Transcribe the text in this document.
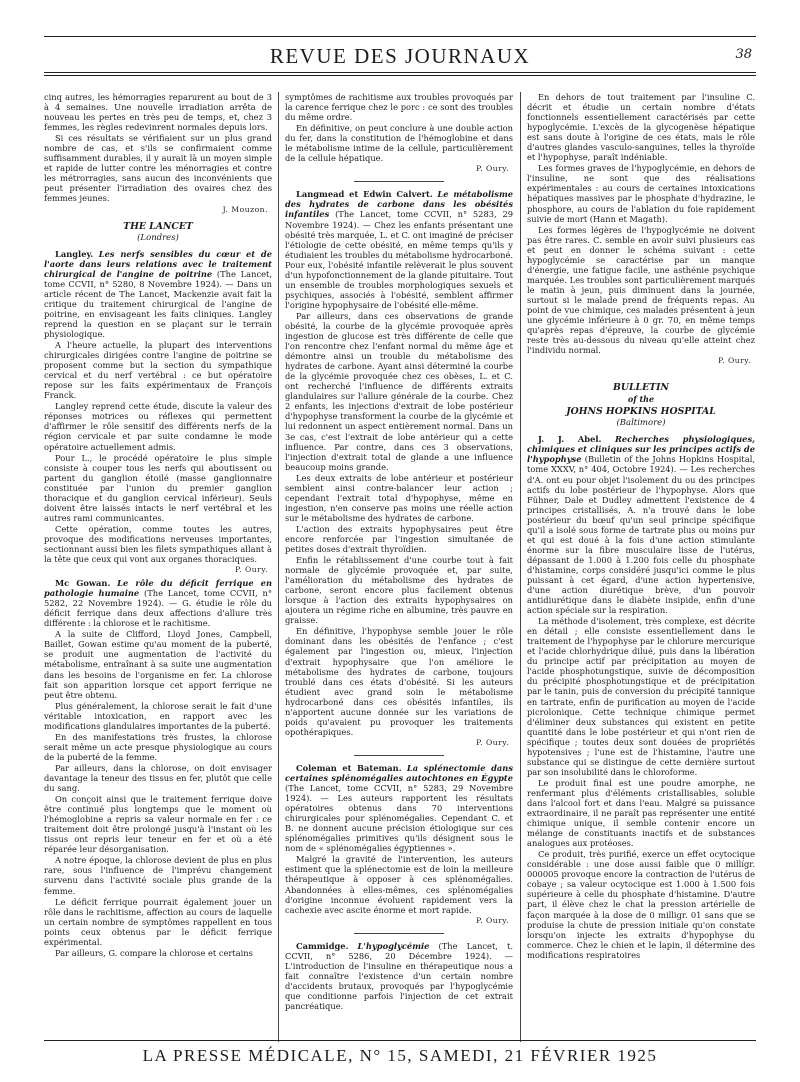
REVUE DES JOURNAUX	38

cinq autres, les hémorragies reparurent au bout de 3 à 4 semaines. Une nouvelle irradiation arrêta de nouveau les pertes en très peu de temps, et, chez 3 femmes, les règles redevinrent normales depuis lors.

Si ces résultats se vérifiaient sur un plus grand nombre de cas, et s'ils se confirmaient comme suffisamment durables, il y aurait là un moyen simple et rapide de lutter contre les ménorragies et contre les métrorragies, sans aucun des inconvénients que peut présenter l'irradiation des ovaires chez des femmes jeunes.

J. Mouzon.
THE LANCET
(Londres)

Langley. Les nerfs sensibles du cœur et de l'aorte dans leurs relations avec le traitement chirurgical de l'angine de poitrine (The Lancet, tome CCVII, n° 5280, 8 Novembre 1924). — Dans un article récent de The Lancet, Mackenzie avait fait la critique du traitement chirurgical de l'angine de poitrine, en envisageant les faits cliniques. Langley reprend la question en se plaçant sur le terrain physiologique.

A l'heure actuelle, la plupart des interventions chirurgicales dirigées contre l'angine de poitrine se proposent comme but la section du sympathique cervical et du nerf vertébral : ce but opératoire repose sur les faits expérimentaux de François Franck.

Langley reprend cette étude, discute la valeur des réponses motrices ou réflexes qui permettent d'affirmer le rôle sensitif des différents nerfs de la région cervicale et par suite condamne le mode opératoire actuellement admis.

Pour L., le procédé opératoire le plus simple consiste à couper tous les nerfs qui aboutissent ou partent du ganglion étoilé (masse ganglionnaire constituée par l'union du premier ganglion thoracique et du ganglion cervical inférieur). Seuls doivent être laissés intacts le nerf vertébral et les autres rami communicantes.

Cette opération, comme toutes les autres, provoque des modifications nerveuses importantes, sectionnant aussi bien les filets sympathiques allant à la tête que ceux qui vont aux organes thoraciques.

P. Oury.

Mc Gowan. Le rôle du déficit ferrique en pathologie humaine (The Lancet, tome CCVII, n° 5282, 22 Novembre 1924). — G. étudie le rôle du déficit ferrique dans deux affections d'allure très différente : la chlorose et le rachitisme.

A la suite de Clifford, Lloyd Jones, Campbell, Baillet, Gowan estime qu'au moment de la puberté, se produit une augmentation de l'activité du métabolisme, entraînant à sa suite une augmentation dans les besoins de l'organisme en fer. La chlorose fait son apparition lorsque cet apport ferrique ne peut être obtenu.

Plus généralement, la chlorose serait le fait d'une véritable intoxication, en rapport avec les modifications glandulaires importantes de la puberté.

En des manifestations très frustes, la chlorose serait même un acte presque physiologique au cours de la puberté de la femme.

Par ailleurs, dans la chlorose, on doit envisager davantage la teneur des tissus en fer, plutôt que celle du sang.

On conçoit ainsi que le traitement ferrique doive être continué plus longtemps que le moment où l'hémoglobine a repris sa valeur normale en fer : ce traitement doit être prolongé jusqu'à l'instant où les tissus ont repris leur teneur en fer et où a été réparée leur désorganisation.

A notre époque, la chlorose devient de plus en plus rare, sous l'influence de l'imprévu changement survenu dans l'activité sociale plus grande de la femme.

Le déficit ferrique pourrait également jouer un rôle dans le rachitisme, affection au cours de laquelle un certain nombre de symptômes rappellent en tous points ceux obtenus par le déficit ferrique expérimental.

Par ailleurs, G. compare la chlorose et certains

symptômes de rachitisme aux troubles provoqués par la carence ferrique chez le porc : ce sont des troubles du même ordre.

En définitive, on peut conclure à une double action du fer, dans la constitution de l'hémoglobine et dans le métabolisme intime de la cellule, particulièrement de la cellule hépatique.

P. Oury.

Langmead et Edwin Calvert. Le métabolisme des hydrates de carbone dans les obésités infantiles (The Lancet, tome CCVII, n° 5283, 29 Novembre 1924). — Chez les enfants présentant une obésité très marquée, L. et C. ont imaginé de préciser l'étiologie de cette obésité, en même temps qu'ils y étudiaient les troubles du métabolisme hydrocarboné. Pour eux, l'obésité infantile relèverait le plus souvent d'un hypofonctionnement de la glande pituitaire. Tout un ensemble de troubles morphologiques sexuels et psychiques, associés à l'obésité, semblent affirmer l'origine hypophysaire de l'obésité elle-même.

Par ailleurs, dans ces observations de grande obésité, la courbe de la glycémie provoquée après ingestion de glucose est très différente de celle que l'on rencontre chez l'enfant normal du même âge et démontre ainsi un trouble du métabolisme des hydrates de carbone. Ayant ainsi déterminé la courbe de la glycémie provoquée chez ces obèses, L. et C. ont recherché l'influence de différents extraits glandulaires sur l'allure générale de la courbe. Chez 2 enfants, les injections d'extrait de lobe postérieur d'hypophyse transforment la courbe de la glycémie et lui redonnent un aspect entièrement normal. Dans un 3e cas, c'est l'extrait de lobe antérieur qui a cette influence. Par contre, dans ces 3 observations, l'injection d'extrait total de glande a une influence beaucoup moins grande.

Les deux extraits de lobe antérieur et postérieur semblent ainsi contre-balancer leur action ; cependant l'extrait total d'hypophyse, même en ingestion, n'en conserve pas moins une réelle action sur le métabolisme des hydrates de carbone.

L'action des extraits hypophysaires peut être encore renforcée par l'ingestion simultanée de petites doses d'extrait thyroïdien.

Enfin le rétablissement d'une courbe tout à fait normale de glycémie provoquée et, par suite, l'amélioration du métabolisme des hydrates de carbone, seront encore plus facilement obtenus lorsque à l'action des extraits hypophysaires on ajoutera un régime riche en albumine, très pauvre en graisse.

En définitive, l'hypophyse semble jouer le rôle dominant dans les obésités de l'enfance ; c'est également par l'ingestion ou, mieux, l'injection d'extrait hypophysaire que l'on améliore le métabolisme des hydrates de carbone, toujours troublé dans ces états d'obésité. Si les auteurs étudient avec grand soin le métabolisme hydrocarboné dans ces obésités infantiles, ils n'apportent aucune donnée sur les variations de poids qu'avaient pu provoquer les traitements opothérapiques.

P. Oury.

Coleman et Bateman. La splénectomie dans certaines splénomégalies autochtones en Égypte (The Lancet, tome CCVII, n° 5283, 29 Novembre 1924). — Les auteurs rapportent les résultats opératoires obtenus dans 70 interventions chirurgicales pour splénomégalies. Cependant C. et B. ne donnent aucune précision étiologique sur ces splénomégalies primitives qu'ils désignent sous le nom de « splénomégalies égyptiennes ».

Malgré la gravité de l'intervention, les auteurs estiment que la splénectomie est de loin la meilleure thérapeutique à opposer à ces splénomégalies. Abandonnées à elles-mêmes, ces splénomégalies d'origine inconnue évoluent rapidement vers la cachexie avec ascite énorme et mort rapide.

P. Oury.

Cammidge. L'hypoglycémie (The Lancet, t. CCVII, n° 5286, 20 Décembre 1924). — L'introduction de l'insuline en thérapeutique nous a fait connaître l'existence d'un certain nombre d'accidents brutaux, provoqués par l'hypoglycémie que conditionne parfois l'injection de cet extrait pancréatique.

En dehors de tout traitement par l'insuline C. décrit et étudie un certain nombre d'états fonctionnels essentiellement caractérisés par cette hypoglycémie. L'excès de la glycogenèse hépatique est sans doute à l'origine de ces états, mais le rôle d'autres glandes vasculo-sanguines, telles la thyroïde et l'hypophyse, paraît indéniable.

Les formes graves de l'hypoglycémie, en dehors de l'insuline, ne sont que des réalisations expérimentales : au cours de certaines intoxications hépatiques massives par le phosphate d'hydrazine, le phosphore, au cours de l'ablation du foie rapidement suivie de mort (Hann et Magath).

Les formes légères de l'hypoglycémie ne doivent pas être rares. C. semble en avoir suivi plusieurs cas et peut en donner le schéma suivant : cette hypoglycémie se caractérise par un manque d'énergie, une fatigue facile, une asthénie psychique marquée. Les troubles sont particulièrement marqués le matin à jeun, puis diminuent dans la journée, surtout si le malade prend de fréquents repas. Au point de vue chimique, ces malades présentent à jeun une glycémie inférieure à 0 gr. 70, en même temps qu'après repas d'épreuve, la courbe de glycémie reste très au-dessous du niveau qu'elle atteint chez l'individu normal.

P. Oury.
BULLETIN
of the
JOHNS HOPKINS HOSPITAL
(Baltimore)

J. J. Abel. Recherches physiologiques, chimiques et cliniques sur les principes actifs de l'hypophyse (Bulletin of the Johns Hopkins Hospital, tome XXXV, n° 404, Octobre 1924). — Les recherches d'A. ont eu pour objet l'isolement du ou des principes actifs du lobe postérieur de l'hypophyse. Alors que Fühner, Dale et Dudley admettent l'existence de 4 principes cristallisés, A. n'a trouvé dans le lobe postérieur du bœuf qu'un seul principe spécifique qu'il a isolé sous forme de tartrate plus ou moins pur et qui est doué à la fois d'une action stimulante énorme sur la fibre musculaire lisse de l'utérus, dépassant de 1.000 à 1.200 fois celle du phosphate d'histamine, corps considéré jusqu'ici comme le plus puissant à cet égard, d'une action hypertensive, d'une action diurétique brève, d'un pouvoir antidiurétique dans le diabète insipide, enfin d'une action spéciale sur la respiration.

La méthode d'isolement, très complexe, est décrite en détail ; elle consiste essentiellement dans le traitement de l'hypophyse par le chlorure mercurique et l'acide chlorhydrique dilué, puis dans la libération du principe actif par précipitation au moyen de l'acide phosphotungstique, suivie de décomposition du précipité phosphotungstique et de précipitation par le tanin, puis de conversion du précipité tannique en tartrate, enfin de purification au moyen de l'acide picrolonique. Cette technique chimique permet d'éliminer deux substances qui existent en petite quantité dans le lobe postérieur et qui n'ont rien de spécifique ; toutes deux sont douées de propriétés hypotensives ; l'une est de l'histamine, l'autre une substance qui se distingue de cette dernière surtout par son insolubilité dans le chloroforme.

Le produit final est une poudre amorphe, ne renfermant plus d'éléments cristallisables, soluble dans l'alcool fort et dans l'eau. Malgré sa puissance extraordinaire, il ne paraît pas représenter une entité chimique unique, il semble contenir encore un mélange de constituants inactifs et de substances analogues aux protéoses.

Ce produit, très purifié, exerce un effet ocytocique considérable : une dose aussi faible que 0 millígr. 000005 provoque encore la contraction de l'utérus de cobaye ; sa valeur ocytocique est 1.000 à 1.500 fois supérieure à celle du phosphate d'histamine. D'autre part, il élève chez le chat la pression artérielle de façon marquée à la dose de 0 milligr. 01 sans que se produise la chute de pression initiale qu'on constate lorsqu'on injecte les extraits d'hypophyse du commerce. Chez le chien et le lapin, il détermine des modifications respiratoires

LA PRESSE MÉDICALE, N° 15, SAMEDI, 21 FÉVRIER 1925
